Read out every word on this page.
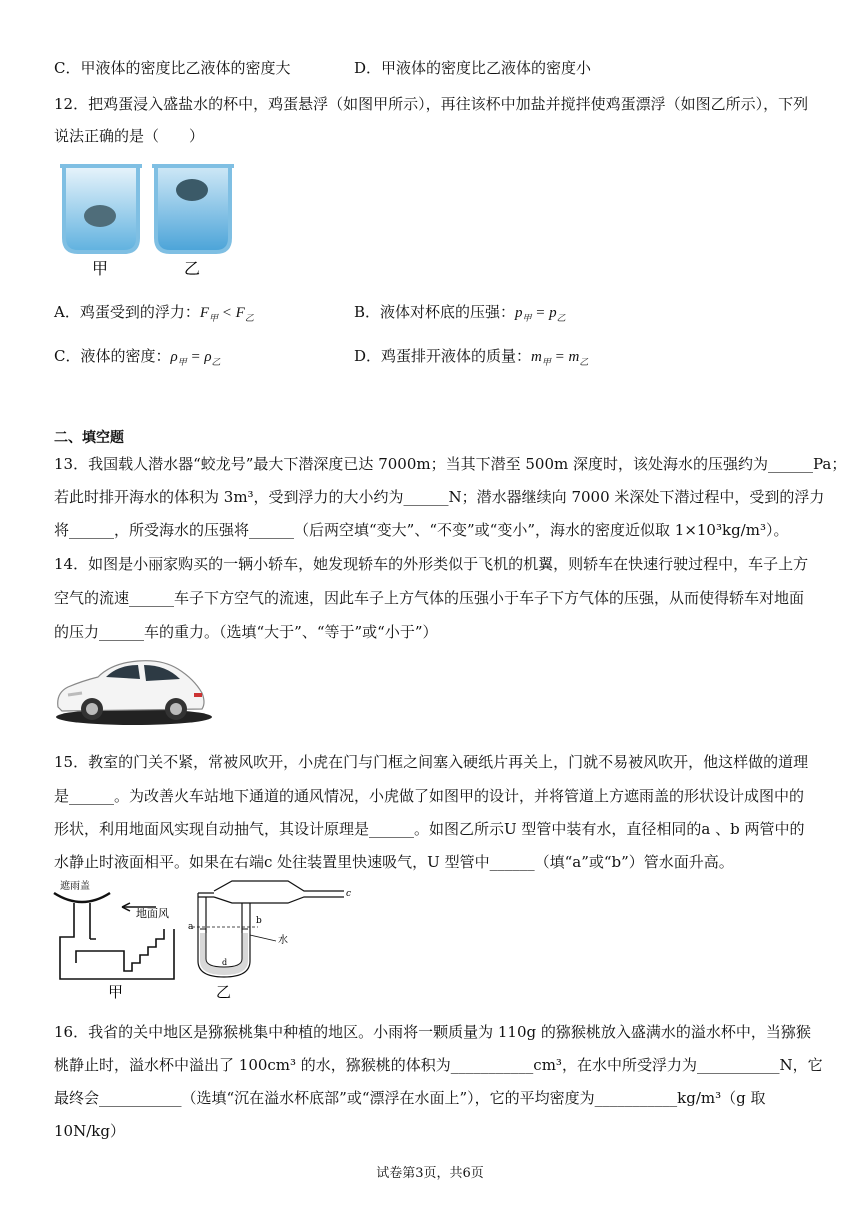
C．甲液体的密度比乙液体的密度大	D．甲液体的密度比乙液体的密度小
12．把鸡蛋浸入盛盐水的杯中，鸡蛋悬浮（如图甲所示），再往该杯中加盐并搅拌使鸡蛋漂浮（如图乙所示），下列
说法正确的是（　　）
甲	乙
A．鸡蛋受到的浮力：$F_甲 < F_乙$	B．液体对杯底的压强：$p_甲 = p_乙$
C．液体的密度：$\rho_甲 = \rho_乙$	D．鸡蛋排开液体的质量：$m_甲 = m_乙$
二、填空题
13．我国载人潜水器“蛟龙号”最大下潜深度已达 7000m；当其下潜至 500m 深度时，该处海水的压强约为______Pa；
若此时排开海水的体积为 3m³，受到浮力的大小约为______N；潜水器继续向 7000 米深处下潜过程中，受到的浮力
将______，所受海水的压强将______（后两空填“变大”、“不变”或“变小”，海水的密度近似取 1×10³kg/m³）。
14．如图是小丽家购买的一辆小轿车，她发现轿车的外形类似于飞机的机翼，则轿车在快速行驶过程中，车子上方
空气的流速______车子下方空气的流速，因此车子上方气体的压强小于车子下方气体的压强，从而使得轿车对地面
的压力______车的重力。（选填“大于”、“等于”或“小于”）
15．教室的门关不紧，常被风吹开，小虎在门与门框之间塞入硬纸片再关上，门就不易被风吹开，他这样做的道理
是______。为改善火车站地下通道的通风情况，小虎做了如图甲的设计，并将管道上方遮雨盖的形状设计成图中的
形状，利用地面风实现自动抽气，其设计原理是______。如图乙所示U 型管中装有水，直径相同的a 、b 两管中的
水静止时液面相平。如果在右端c 处往装置里快速吸气，U 型管中______（填“a”或“b”）管水面升高。
遮雨盖
地面风
甲
c
a
b
水
d
乙
16．我省的关中地区是猕猴桃集中种植的地区。小雨将一颗质量为 110g 的猕猴桃放入盛满水的溢水杯中，当猕猴
桃静止时，溢水杯中溢出了 100cm³ 的水，猕猴桃的体积为___________cm³，在水中所受浮力为___________N，它
最终会___________（选填“沉在溢水杯底部”或“漂浮在水面上”），它的平均密度为___________kg/m³（g 取
10N/kg）
试卷第3页，共6页
